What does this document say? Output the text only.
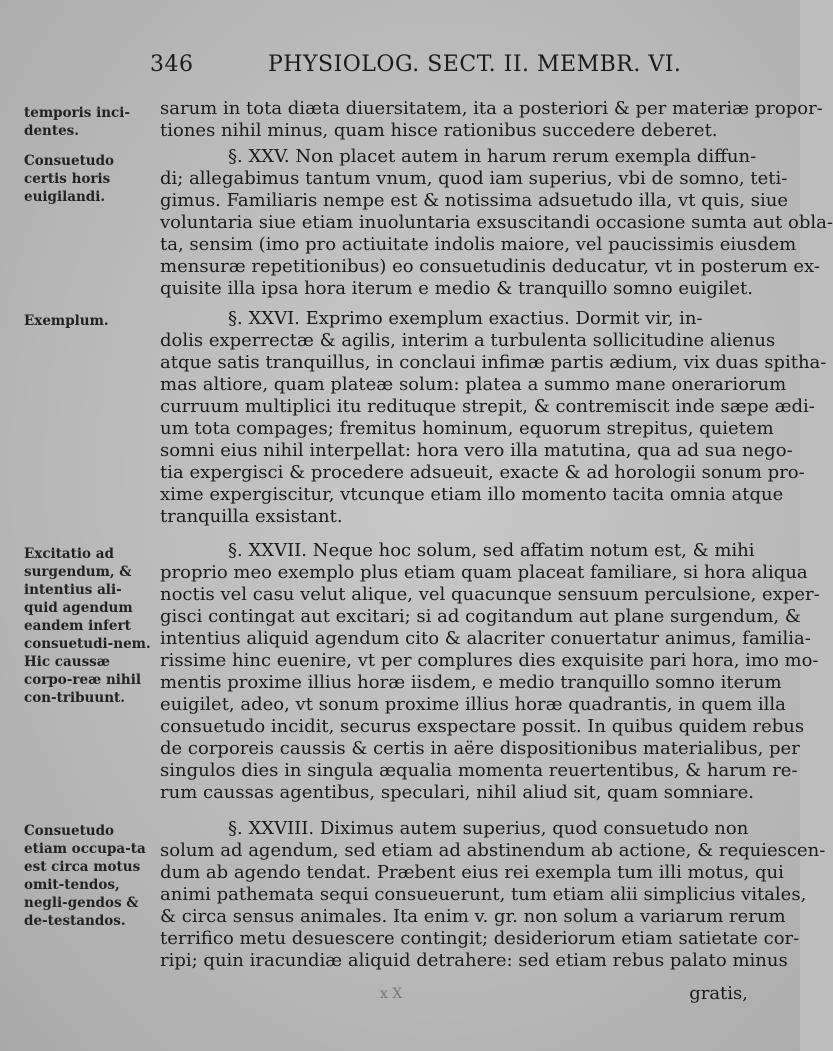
346	PHYSIOLOG. SECT. II. MEMBR. VI.
temporis inci-dentes.
Consuetudo certis horis euigilandi.
Exemplum.
Excitatio ad surgendum, & intentius ali-quid agendum eandem infert consuetudi-nem. Hic caussæ corpo-reæ nihil con-tribuunt.
Consuetudo etiam occupa-ta est circa motus omit-tendos, negli-gendos & de-testandos.
sarum in tota diæta diuersitatem, ita a posteriori & per materiæ propor-
tiones nihil minus, quam hisce rationibus succedere deberet.
§. XXV. Non placet autem in harum rerum exempla diffun-
di; allegabimus tantum vnum, quod iam superius, vbi de somno, teti-
gimus. Familiaris nempe est & notissima adsuetudo illa, vt quis, siue
voluntaria siue etiam inuoluntaria exsuscitandi occasione sumta aut obla-
ta, sensim (imo pro actiuitate indolis maiore, vel paucissimis eiusdem
mensuræ repetitionibus) eo consuetudinis deducatur, vt in posterum ex-
quisite illa ipsa hora iterum e medio & tranquillo somno euigilet.
§. XXVI. Exprimo exemplum exactius. Dormit vir, in-
dolis experrectæ & agilis, interim a turbulenta sollicitudine alienus
atque satis tranquillus, in conclaui infimæ partis ædium, vix duas spitha-
mas altiore, quam plateæ solum: platea a summo mane onerariorum
curruum multiplici itu redituque strepit, & contremiscit inde sæpe ædi-
um tota compages; fremitus hominum, equorum strepitus, quietem
somni eius nihil interpellat: hora vero illa matutina, qua ad sua nego-
tia expergisci & procedere adsueuit, exacte & ad horologii sonum pro-
xime expergiscitur, vtcunque etiam illo momento tacita omnia atque
tranquilla exsistant.
§. XXVII. Neque hoc solum, sed affatim notum est, & mihi
proprio meo exemplo plus etiam quam placeat familiare, si hora aliqua
noctis vel casu velut alique, vel quacunque sensuum perculsione, exper-
gisci contingat aut excitari; si ad cogitandum aut plane surgendum, &
intentius aliquid agendum cito & alacriter conuertatur animus, familia-
rissime hinc euenire, vt per complures dies exquisite pari hora, imo mo-
mentis proxime illius horæ iisdem, e medio tranquillo somno iterum
euigilet, adeo, vt sonum proxime illius horæ quadrantis, in quem illa
consuetudo incidit, securus exspectare possit. In quibus quidem rebus
de corporeis caussis & certis in aëre dispositionibus materialibus, per
singulos dies in singula æqualia momenta reuertentibus, & harum re-
rum caussas agentibus, speculari, nihil aliud sit, quam somniare.
§. XXVIII. Diximus autem superius, quod consuetudo non
solum ad agendum, sed etiam ad abstinendum ab actione, & requiescen-
dum ab agendo tendat. Præbent eius rei exempla tum illi motus, qui
animi pathemata sequi consueuerunt, tum etiam alii simplicius vitales,
& circa sensus animales. Ita enim v. gr. non solum a variarum rerum
terrifico metu desuescere contingit; desideriorum etiam satietate cor-
ripi; quin iracundiæ aliquid detrahere: sed etiam rebus palato minus
x X	gratis,
